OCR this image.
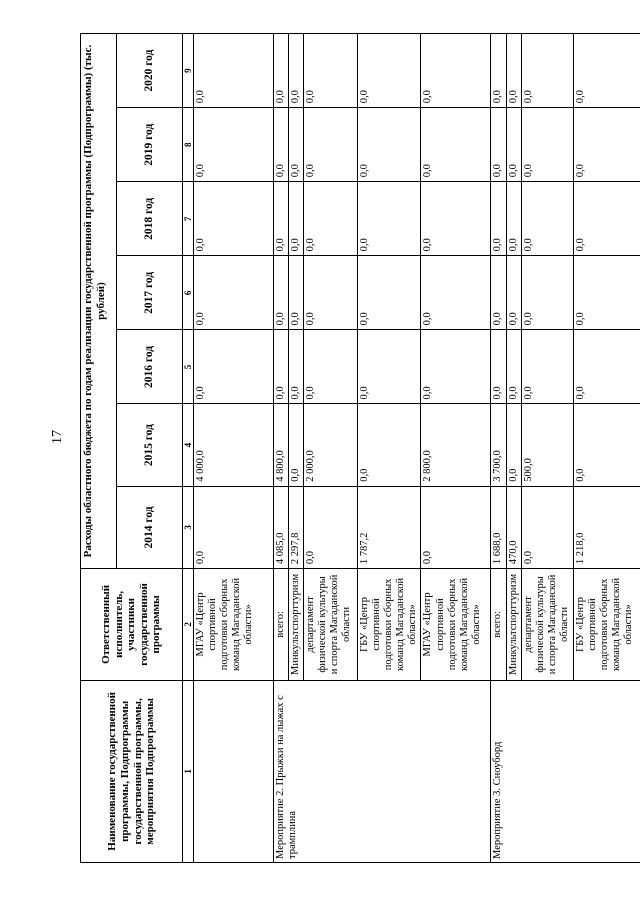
17
Наименование государственной программы, Подпрограммы государственной программы, мероприятия Подпрограммы	Ответственный исполнитель, участники государственной программы	Расходы областного бюджета по годам реализации государственной программы (Подпрограммы) (тыс. рублей)						
		2014 год	2015 год	2016 год	2017 год	2018 год	2019 год	2020 год
1	2	3	4	5	6	7	8	9
	МГАУ «Центр спортивной подготовки сборных команд Магаданской области»	0,0	4 000,0	0,0	0,0	0,0	0,0	0,0
Мероприятие 2. Прыжки на лыжах с трамплина	всего:	4 085,0	4 800,0	0,0	0,0	0,0	0,0	0,0
	Минкультспорттуризм	2 297,8	0,0	0,0	0,0	0,0	0,0	0,0
	департамент физической культуры и спорта Магаданской области	0,0	2 000,0	0,0	0,0	0,0	0,0	0,0
	ГБУ «Центр спортивной подготовки сборных команд Магаданской области»	1 787,2	0,0	0,0	0,0	0,0	0,0	0,0
	МГАУ «Центр спортивной подготовки сборных команд Магаданской области»	0,0	2 800,0	0,0	0,0	0,0	0,0	0,0
Мероприятие 3. Сноуборд	всего:	1 688,0	3 700,0	0,0	0,0	0,0	0,0	0,0
	Минкультспорттуризм	470,0	0,0	0,0	0,0	0,0	0,0	0,0
	департамент физической культуры и спорта Магаданской области	0,0	500,0	0,0	0,0	0,0	0,0	0,0
	ГБУ «Центр спортивной подготовки сборных команд Магаданской области»	1 218,0	0,0	0,0	0,0	0,0	0,0	0,0
